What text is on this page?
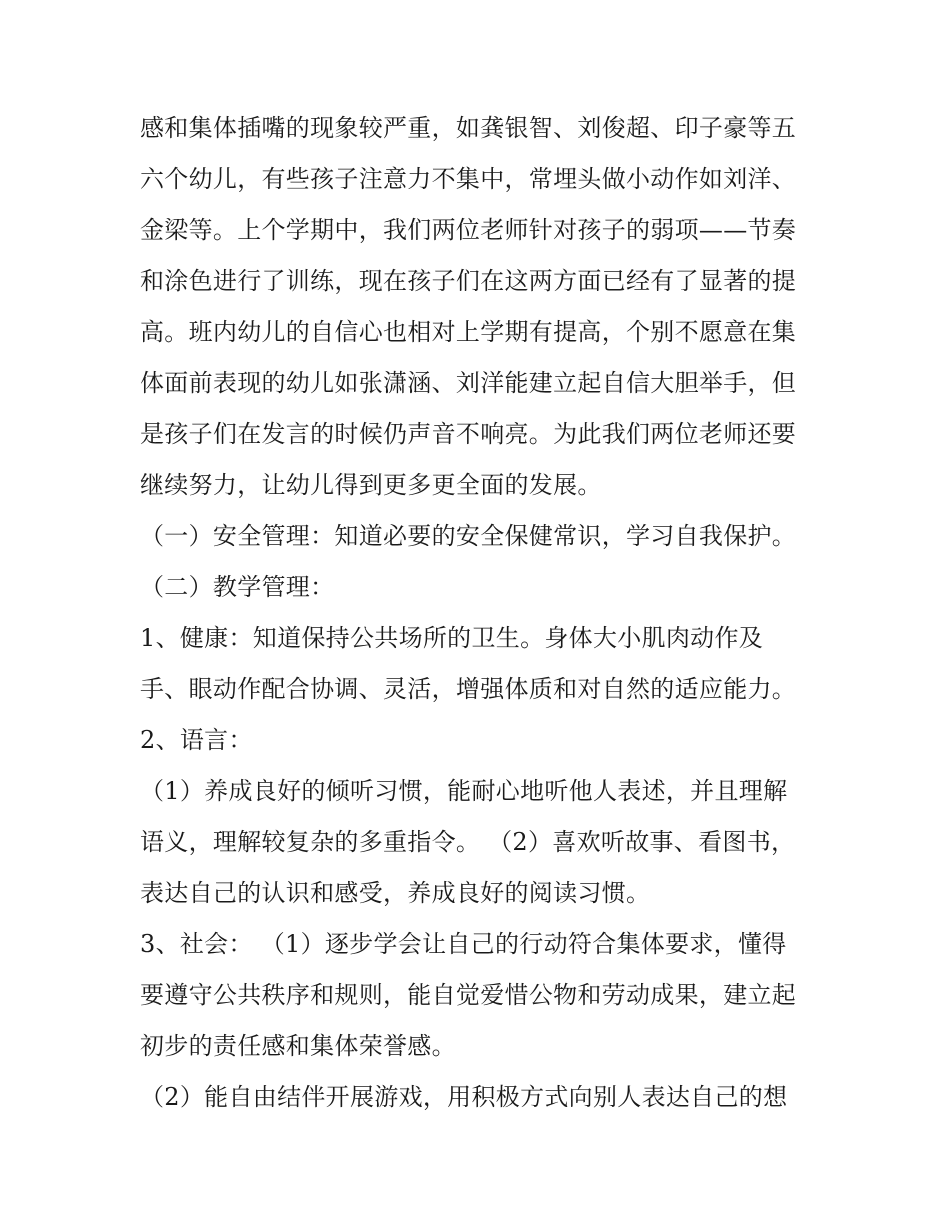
感和集体插嘴的现象较严重，如龚银智、刘俊超、印子豪等五
六个幼儿，有些孩子注意力不集中，常埋头做小动作如刘洋、
金梁等。上个学期中，我们两位老师针对孩子的弱项——节奏
和涂色进行了训练，现在孩子们在这两方面已经有了显著的提
高。班内幼儿的自信心也相对上学期有提高，个别不愿意在集
体面前表现的幼儿如张潇涵、刘洋能建立起自信大胆举手，但
是孩子们在发言的时候仍声音不响亮。为此我们两位老师还要
继续努力，让幼儿得到更多更全面的发展。
（一）安全管理：知道必要的安全保健常识，学习自我保护。
（二）教学管理：
1、健康：知道保持公共场所的卫生。身体大小肌肉动作及
手、眼动作配合协调、灵活，增强体质和对自然的适应能力。
2、语言：
（1）养成良好的倾听习惯，能耐心地听他人表述，并且理解
语义，理解较复杂的多重指令。 （2）喜欢听故事、看图书，
表达自己的认识和感受，养成良好的阅读习惯。
3、社会： （1）逐步学会让自己的行动符合集体要求，懂得
要遵守公共秩序和规则，能自觉爱惜公物和劳动成果，建立起
初步的责任感和集体荣誉感。
（2）能自由结伴开展游戏，用积极方式向别人表达自己的想
